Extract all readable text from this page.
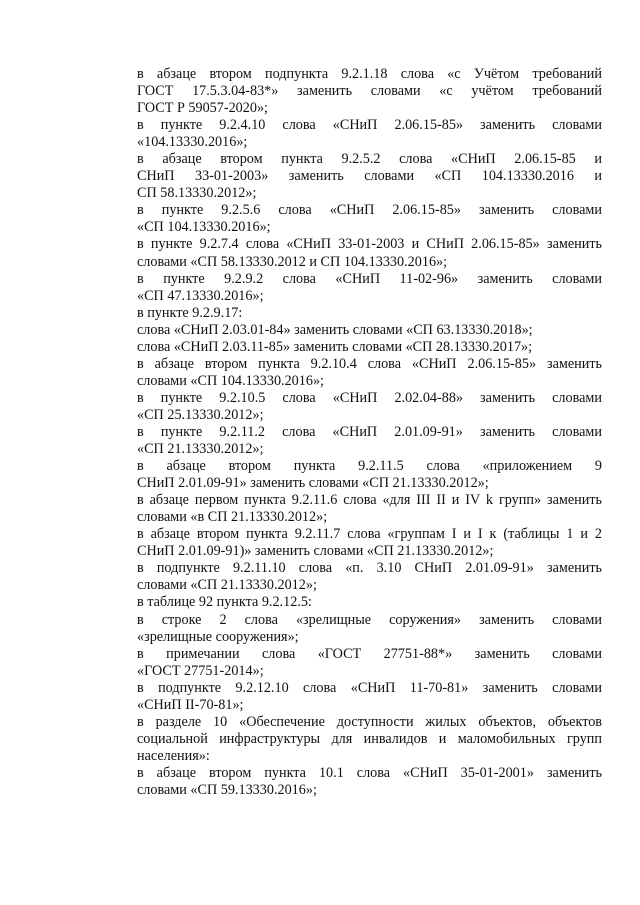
в абзаце втором подпункта 9.2.1.18 слова «с Учётом требований
ГОСТ 17.5.3.04-83*» заменить словами «с учётом требований
ГОСТ Р 59057-2020»;
в пункте 9.2.4.10 слова «СНиП 2.06.15-85» заменить словами
«104.13330.2016»;
в абзаце втором пункта 9.2.5.2 слова «СНиП 2.06.15-85 и
СНиП 33-01-2003» заменить словами «СП 104.13330.2016 и
СП 58.13330.2012»;
в пункте 9.2.5.6 слова «СНиП 2.06.15-85» заменить словами
«СП 104.13330.2016»;
в пункте 9.2.7.4 слова «СНиП 33-01-2003 и СНиП 2.06.15-85» заменить
словами «СП 58.13330.2012 и СП 104.13330.2016»;
в пункте 9.2.9.2 слова «СНиП 11-02-96» заменить словами
«СП 47.13330.2016»;
в пункте 9.2.9.17:
слова «СНиП 2.03.01-84» заменить словами «СП 63.13330.2018»;
слова «СНиП 2.03.11-85» заменить словами «СП 28.13330.2017»;
в абзаце втором пункта 9.2.10.4 слова «СНиП 2.06.15-85» заменить
словами «СП 104.13330.2016»;
в пункте 9.2.10.5 слова «СНиП 2.02.04-88» заменить словами
«СП 25.13330.2012»;
в пункте 9.2.11.2 слова «СНиП 2.01.09-91» заменить словами
«СП 21.13330.2012»;
в абзаце втором пункта 9.2.11.5 слова «приложением 9
СНиП 2.01.09-91» заменить словами «СП 21.13330.2012»;
в абзаце первом пункта 9.2.11.6 слова «для III II и IV k групп» заменить
словами «в СП 21.13330.2012»;
в абзаце втором пункта 9.2.11.7 слова «группам I и I к (таблицы 1 и 2
СНиП 2.01.09-91)» заменить словами «СП 21.13330.2012»;
в подпункте 9.2.11.10 слова «п. 3.10 СНиП 2.01.09-91» заменить
словами «СП 21.13330.2012»;
в таблице 92 пункта 9.2.12.5:
в строке 2 слова «зрелищные соружения» заменить словами
«зрелищные сооружения»;
в примечании слова «ГОСТ 27751-88*» заменить словами
«ГОСТ 27751-2014»;
в подпункте 9.2.12.10 слова «СНиП 11-70-81» заменить словами
«СНиП II-70-81»;
в разделе 10 «Обеспечение доступности жилых объектов, объектов
социальной инфраструктуры для инвалидов и маломобильных групп
населения»:
в абзаце втором пункта 10.1 слова «СНиП 35-01-2001» заменить
словами «СП 59.13330.2016»;
